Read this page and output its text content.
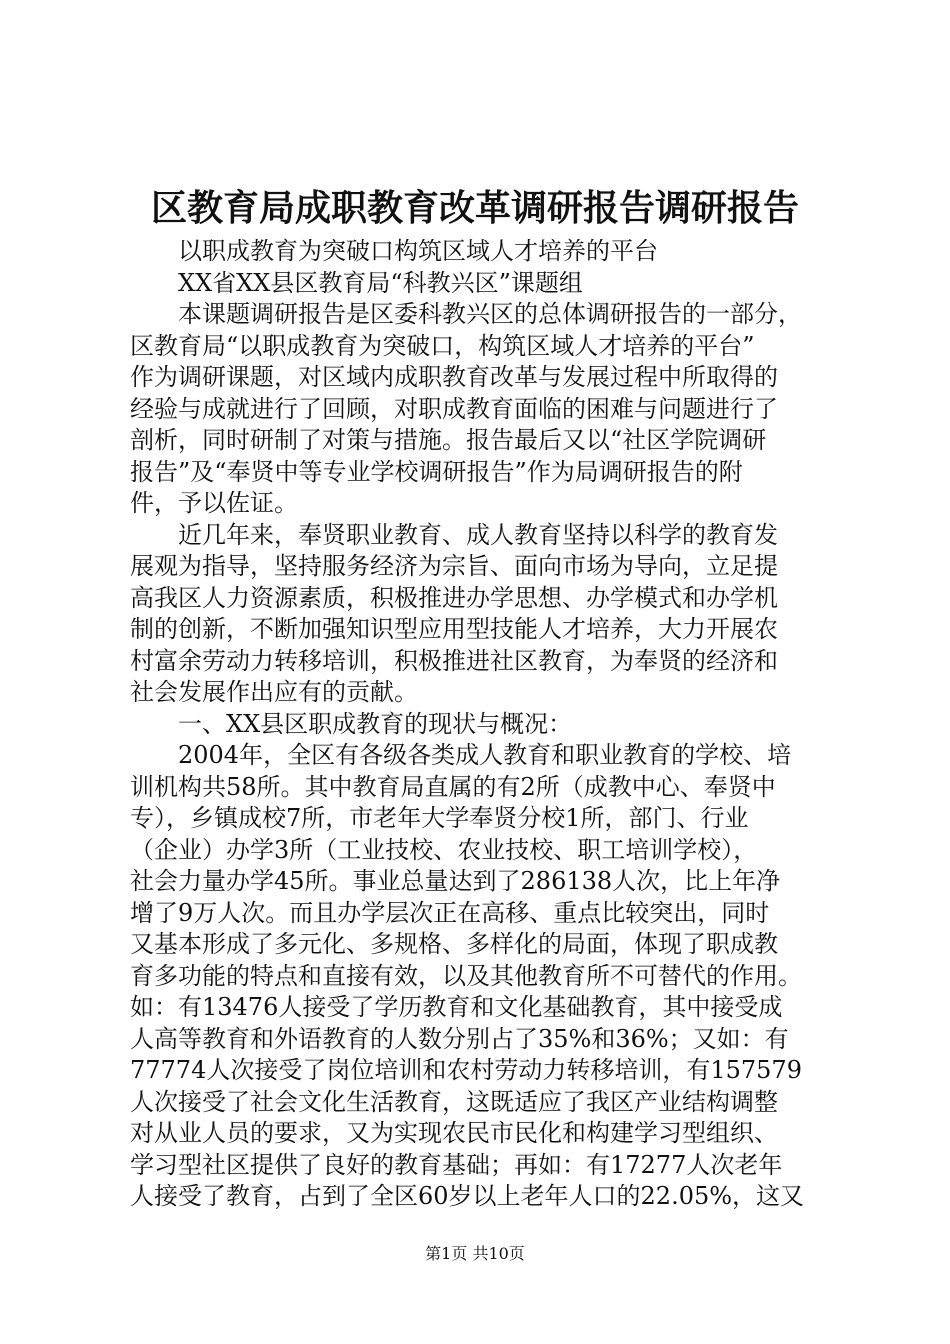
区教育局成职教育改革调研报告调研报告
以职成教育为突破口构筑区域人才培养的平台
XX省XX县区教育局“科教兴区”课题组
本课题调研报告是区委科教兴区的总体调研报告的一部分，
区教育局“以职成教育为突破口，构筑区域人才培养的平台”
作为调研课题，对区域内成职教育改革与发展过程中所取得的
经验与成就进行了回顾，对职成教育面临的困难与问题进行了
剖析，同时研制了对策与措施。报告最后又以“社区学院调研
报告”及“奉贤中等专业学校调研报告”作为局调研报告的附
件，予以佐证。
近几年来，奉贤职业教育、成人教育坚持以科学的教育发
展观为指导，坚持服务经济为宗旨、面向市场为导向，立足提
高我区人力资源素质，积极推进办学思想、办学模式和办学机
制的创新，不断加强知识型应用型技能人才培养，大力开展农
村富余劳动力转移培训，积极推进社区教育，为奉贤的经济和
社会发展作出应有的贡献。
一、XX县区职成教育的现状与概况：
2004年，全区有各级各类成人教育和职业教育的学校、培
训机构共58所。其中教育局直属的有2所（成教中心、奉贤中
专），乡镇成校7所，市老年大学奉贤分校1所，部门、行业
（企业）办学3所（工业技校、农业技校、职工培训学校），
社会力量办学45所。事业总量达到了286138人次，比上年净
增了9万人次。而且办学层次正在高移、重点比较突出，同时
又基本形成了多元化、多规格、多样化的局面，体现了职成教
育多功能的特点和直接有效，以及其他教育所不可替代的作用。
如：有13476人接受了学历教育和文化基础教育，其中接受成
人高等教育和外语教育的人数分别占了35%和36%；又如：有
77774人次接受了岗位培训和农村劳动力转移培训，有157579
人次接受了社会文化生活教育，这既适应了我区产业结构调整
对从业人员的要求，又为实现农民市民化和构建学习型组织、
学习型社区提供了良好的教育基础；再如：有17277人次老年
人接受了教育，占到了全区60岁以上老年人口的22.05%，这又
第1页 共10页
